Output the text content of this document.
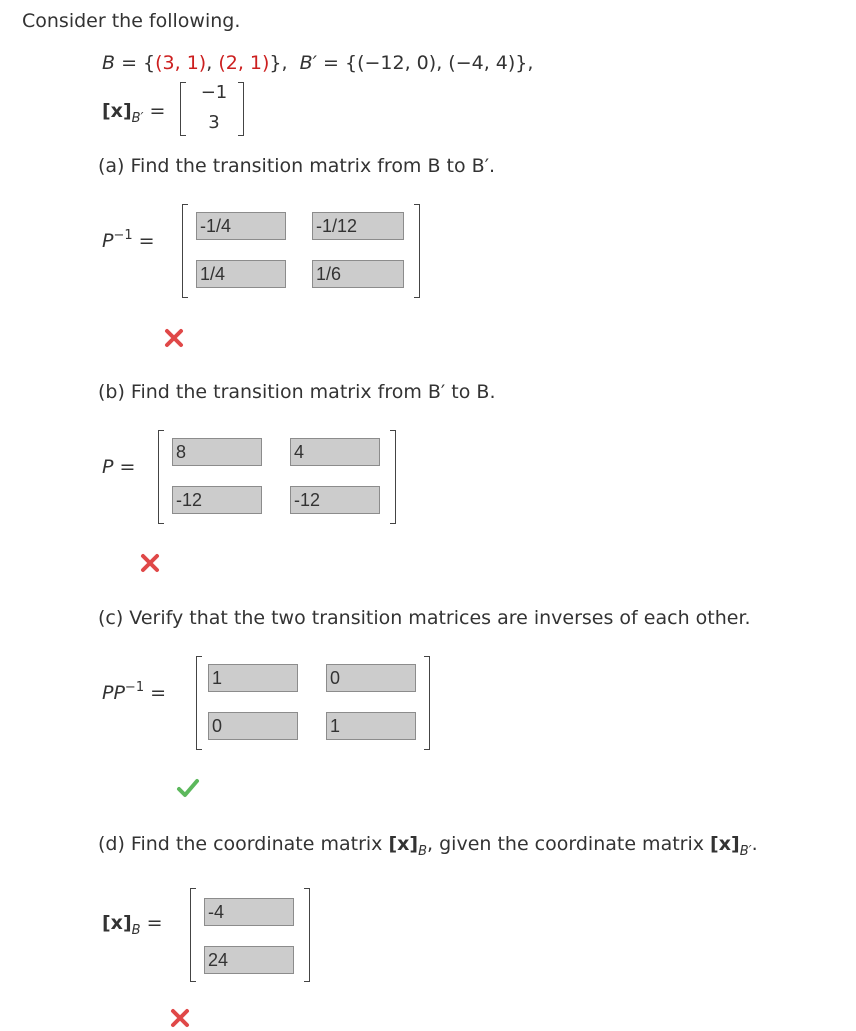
Consider the following.
B = {(3, 1), (2, 1)},  B′ = {(−12, 0), (−4, 4)},
$[x]_{B'}$ =
−1
3
(a) Find the transition matrix from B to B′.
$P^{-1}$ =
-1/4
-1/12
1/4
1/6
(b) Find the transition matrix from B′ to B.
P =
8
4
-12
-12
(c) Verify that the two transition matrices are inverses of each other.
$PP^{-1}$ =
1
0
0
1
(d) Find the coordinate matrix $[x]_B$, given the coordinate matrix $[x]_{B'}$.
$[x]_B$ =
-4
24
